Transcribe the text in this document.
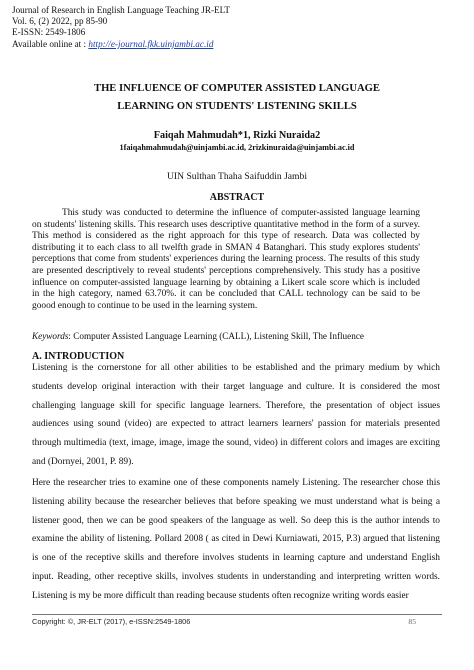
Journal of Research in English Language Teaching JR-ELT
Vol. 6, (2) 2022, pp 85-90
E-ISSN: 2549-1806
Available online at : http://e-journal.fkk.uinjambi.ac.id
THE INFLUENCE OF COMPUTER ASSISTED LANGUAGE
LEARNING ON STUDENTS' LISTENING SKILLS
Faiqah Mahmudah*1, Rizki Nuraida2
1faiqahmahmudah@uinjambi.ac.id, 2rizkinuraida@uinjambi.ac.id
UIN Sulthan Thaha Saifuddin Jambi
ABSTRACT

This study was conducted to determine the influence of computer-assisted language learning on students' listening skills. This research uses descriptive quantitative method in the form of a survey. This method is considered as the right approach for this type of research. Data was collected by distributing it to each class to all twelfth grade in SMAN 4 Batanghari. This study explores students' perceptions that come from students' experiences during the learning process. The results of this study are presented descriptively to reveal students' perceptions comprehensively. This study has a positive influence on computer-assisted language learning by obtaining a Likert scale score which is included in the high category, named 63.70%. it can be concluded that CALL technology can be said to be goood enough to continue to be used in the learning system.

Keywords: Computer Assisted Language Learning (CALL), Listening Skill, The Influence
A. INTRODUCTION

Listening is the cornerstone for all other abilities to be established and the primary medium by which students develop original interaction with their target language and culture. It is considered the most challenging language skill for specific language learners. Therefore, the presentation of object issues audiences using sound (video) are expected to attract learners learners' passion for materials presented through multimedia (text, image, image, image the sound, video) in different colors and images are exciting and (Dornyei, 2001, P. 89).

Here the researcher tries to examine one of these components namely Listening. The researcher chose this listening ability because the researcher believes that before speaking we must understand what is being a listener good, then we can be good speakers of the language as well. So deep this is the author intends to examine the ability of listening. Pollard 2008 ( as cited in Dewi Kurniawati, 2015, P.3) argued that listening is one of the receptive skills and therefore involves students in learning capture and understand English input. Reading, other receptive skills, involves students in understanding and interpreting written words. Listening is my be more difficult than reading because students often recognize writing words easier

Copyright: ©, JR-ELT (2017), e-ISSN:2549-1806	85
